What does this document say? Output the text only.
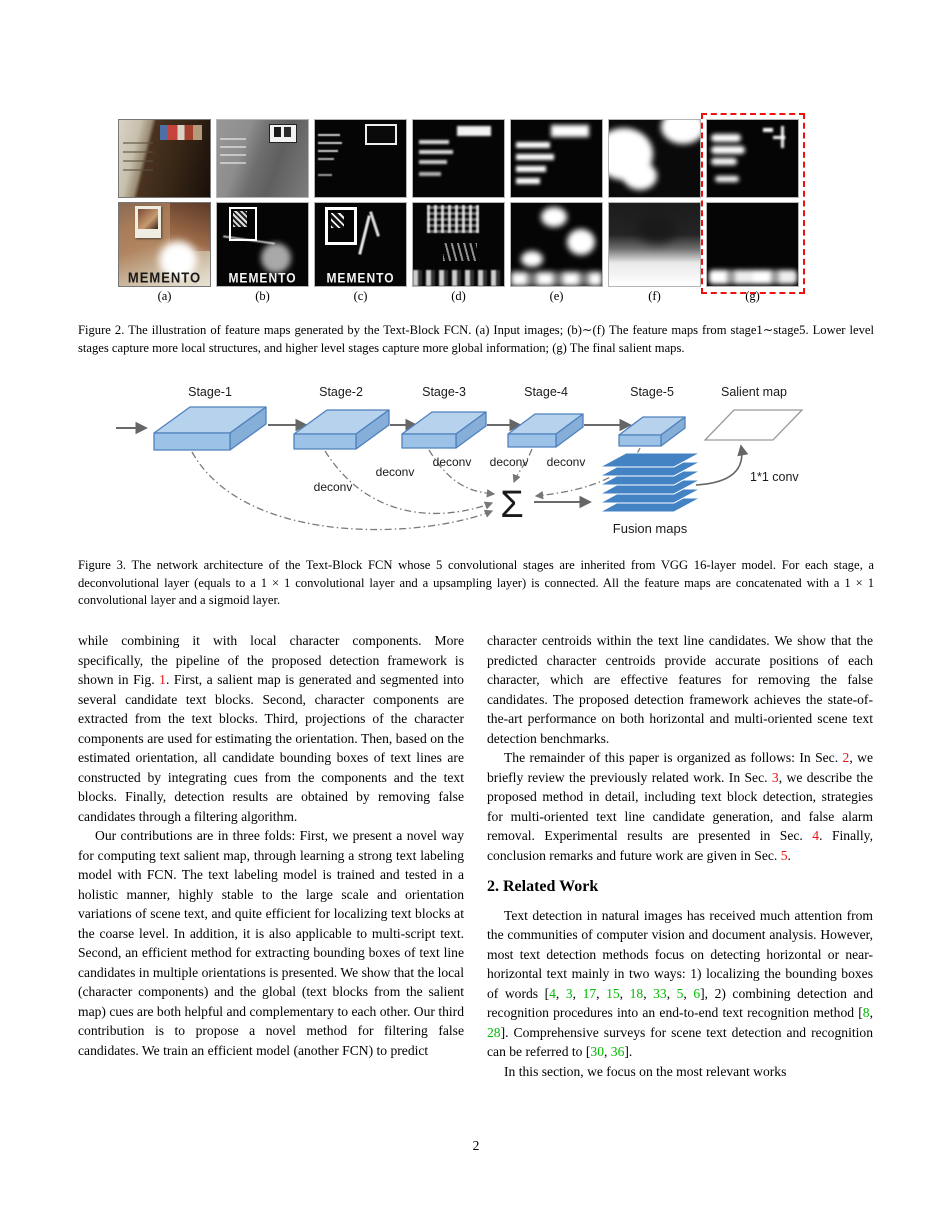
MEMENTO	MEMENTO	MEMENTO
(a)	(b)	(c)	(d)	(e)	(f)	(g)
Figure 2. The illustration of feature maps generated by the Text-Block FCN. (a) Input images; (b)∼(f) The feature maps from stage1∼stage5. Lower level stages capture more local structures, and higher level stages capture more global information; (g) The final salient maps.
Stage-1	Stage-2	Stage-3	Stage-4	Stage-5	Salient map
deconv
deconv
deconv deconv deconv
Σ
Fusion maps
1*1 conv
Figure 3. The network architecture of the Text-Block FCN whose 5 convolutional stages are inherited from VGG 16-layer model. For each stage, a deconvolutional layer (equals to a 1 × 1 convolutional layer and a upsampling layer) is connected. All the feature maps are concatenated with a 1 × 1 convolutional layer and a sigmoid layer.

while combining it with local character components. More specifically, the pipeline of the proposed detection framework is shown in Fig. 1. First, a salient map is generated and segmented into several candidate text blocks. Second, character components are extracted from the text blocks. Third, projections of the character components are used for estimating the orientation. Then, based on the estimated orientation, all candidate bounding boxes of text lines are constructed by integrating cues from the components and the text blocks. Finally, detection results are obtained by removing false candidates through a filtering algorithm.

Our contributions are in three folds: First, we present a novel way for computing text salient map, through learning a strong text labeling model with FCN. The text labeling model is trained and tested in a holistic manner, highly stable to the large scale and orientation variations of scene text, and quite efficient for localizing text blocks at the coarse level. In addition, it is also applicable to multi-script text. Second, an efficient method for extracting bounding boxes of text line candidates in multiple orientations is presented. We show that the local (character components) and the global (text blocks from the salient map) cues are both helpful and complementary to each other. Our third contribution is to propose a novel method for filtering false candidates. We train an efficient model (another FCN) to predict

character centroids within the text line candidates. We show that the predicted character centroids provide accurate positions of each character, which are effective features for removing the false candidates. The proposed detection framework achieves the state-of-the-art performance on both horizontal and multi-oriented scene text detection benchmarks.

The remainder of this paper is organized as follows: In Sec. 2, we briefly review the previously related work. In Sec. 3, we describe the proposed method in detail, including text block detection, strategies for multi-oriented text line candidate generation, and false alarm removal. Experimental results are presented in Sec. 4. Finally, conclusion remarks and future work are given in Sec. 5.

2. Related Work

Text detection in natural images has received much attention from the communities of computer vision and document analysis. However, most text detection methods focus on detecting horizontal or near-horizontal text mainly in two ways: 1) localizing the bounding boxes of words [4, 3, 17, 15, 18, 33, 5, 6], 2) combining detection and recognition procedures into an end-to-end text recognition method [8, 28]. Comprehensive surveys for scene text detection and recognition can be referred to [30, 36].

In this section, we focus on the most relevant works

2
